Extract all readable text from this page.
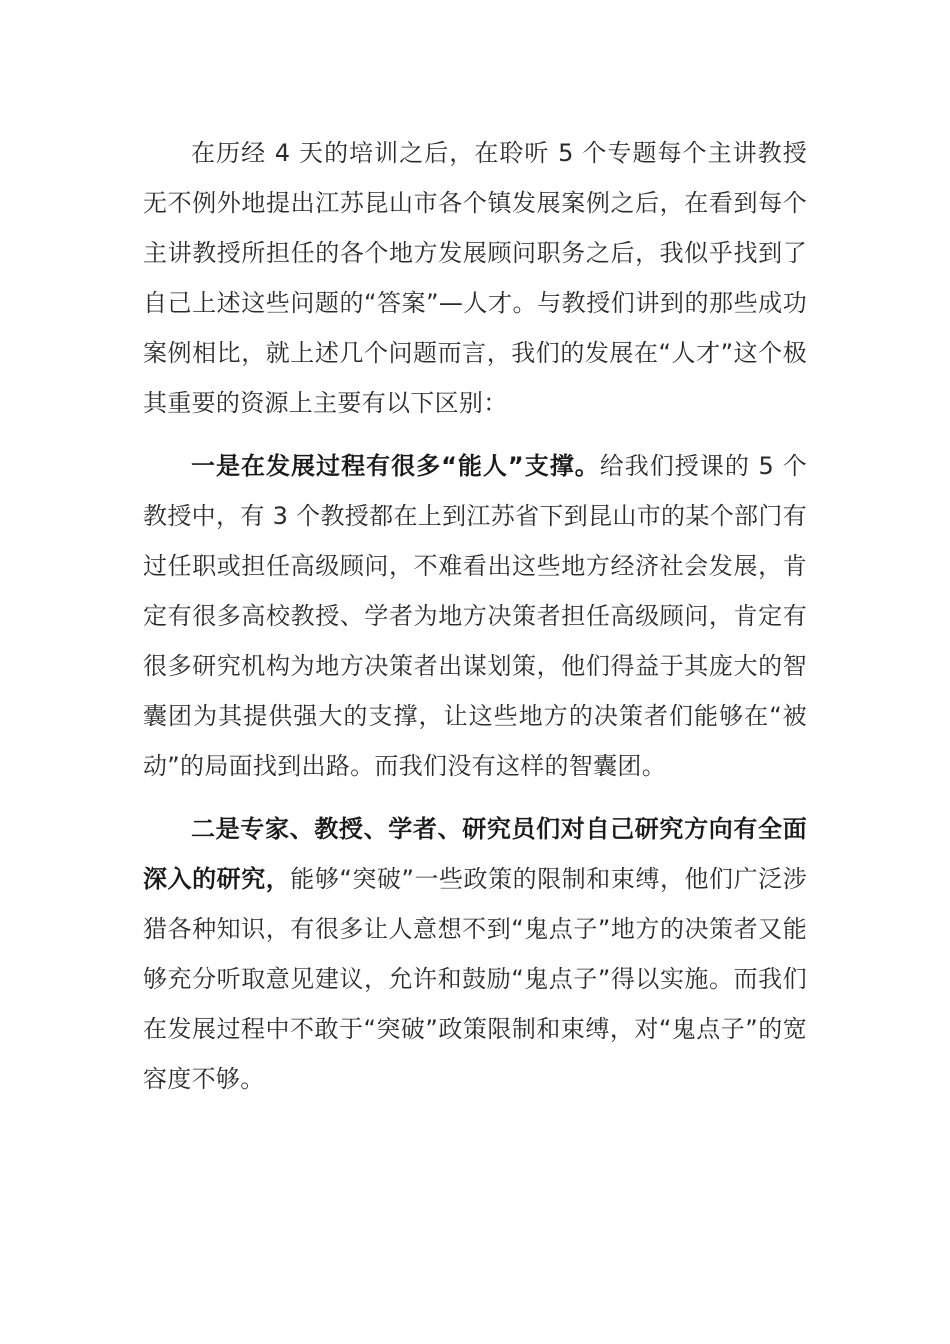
在历经 4 天的培训之后，在聆听 5 个专题每个主讲教授无不例外地提出江苏昆山市各个镇发展案例之后，在看到每个主讲教授所担任的各个地方发展顾问职务之后，我似乎找到了自己上述这些问题的“答案”—人才。与教授们讲到的那些成功案例相比，就上述几个问题而言，我们的发展在“人才”这个极其重要的资源上主要有以下区别：

一是在发展过程有很多“能人”支撑。给我们授课的 5 个教授中，有 3 个教授都在上到江苏省下到昆山市的某个部门有过任职或担任高级顾问，不难看出这些地方经济社会发展，肯定有很多高校教授、学者为地方决策者担任高级顾问，肯定有很多研究机构为地方决策者出谋划策，他们得益于其庞大的智囊团为其提供强大的支撑，让这些地方的决策者们能够在“被动”的局面找到出路。而我们没有这样的智囊团。

二是专家、教授、学者、研究员们对自己研究方向有全面深入的研究，能够“突破”一些政策的限制和束缚，他们广泛涉猎各种知识，有很多让人意想不到“鬼点子”地方的决策者又能够充分听取意见建议，允许和鼓励“鬼点子”得以实施。而我们在发展过程中不敢于“突破”政策限制和束缚，对“鬼点子”的宽容度不够。
